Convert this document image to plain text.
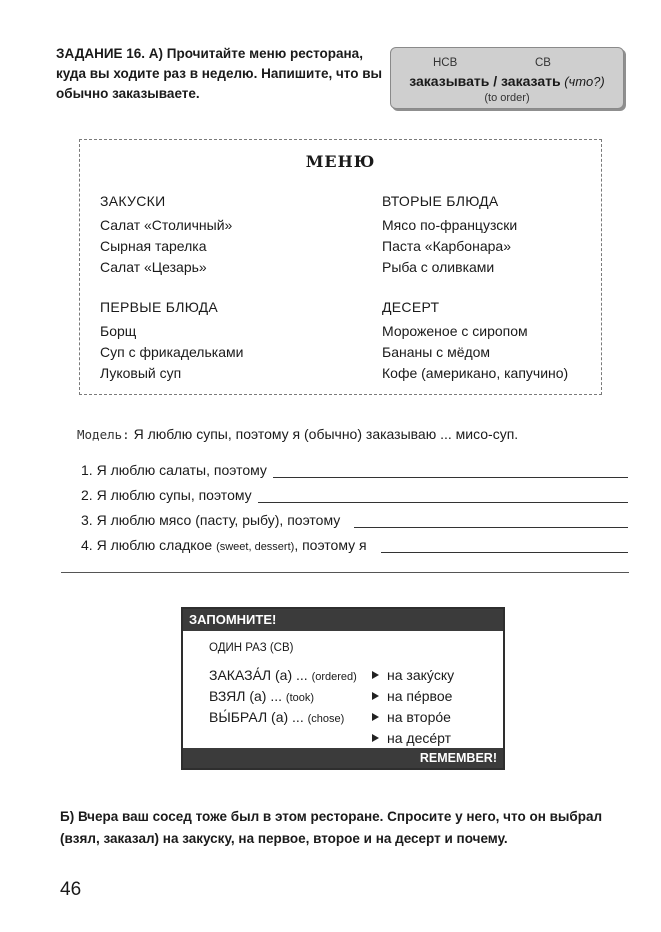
ЗАДАНИЕ 16. А) Прочитайте меню ресторана, куда вы ходите раз в неделю. Напишите, что вы обычно заказываете.
НСВ	СВ
заказывать / заказать (что?)
(to order)
МЕНЮ
ЗАКУСКИ
Салат «Столичный»
Сырная тарелка
Салат «Цезарь»
ВТОРЫЕ БЛЮДА
Мясо по-французски
Паста «Карбонара»
Рыба с оливками
ПЕРВЫЕ БЛЮДА
Борщ
Суп с фрикадельками
Луковый суп
ДЕСЕРТ
Мороженое с сиропом
Бананы с мёдом
Кофе (американо, капучино)
Модель: Я люблю супы, поэтому я (обычно) заказываю ... мисо-суп.
1. Я люблю салаты, поэтому
2. Я люблю супы, поэтому
3. Я люблю мясо (пасту, рыбу), поэтому
4. Я люблю сладкое (sweet, dessert), поэтому я
ЗАПОМНИТЕ!
ОДИН РАЗ (СВ)
ЗАКАЗА́Л (а) ... (ordered)
ВЗЯЛ (а) ... (took)
ВЫ́БРАЛ (а) ... (chose)
на заку́ску
на пе́рвое
на второ́е
на десе́рт
REMEMBER!
Б) Вчера ваш сосед тоже был в этом ресторане. Спросите у него, что он выбрал (взял, заказал) на закуску, на первое, второе и на десерт и почему.
46
